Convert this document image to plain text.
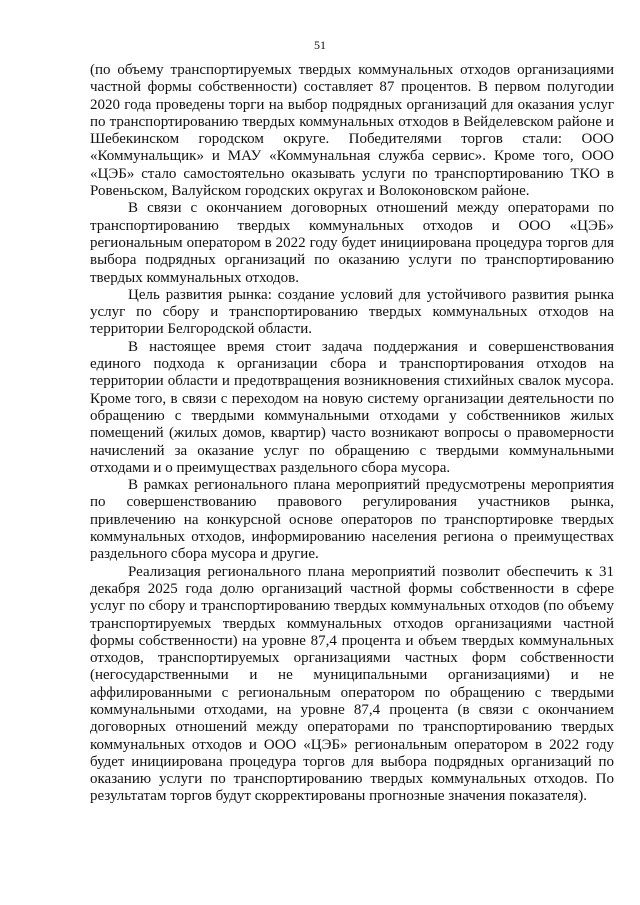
51

(по объему транспортируемых твердых коммунальных отходов организациями частной формы собственности) составляет 87 процентов. В первом полугодии 2020 года проведены торги на выбор подрядных организаций для оказания услуг по транспортированию твердых коммунальных отходов в Вейделевском районе и Шебекинском городском округе. Победителями торгов стали: ООО «Коммунальщик» и МАУ «Коммунальная служба сервис». Кроме того, ООО «ЦЭБ» стало самостоятельно оказывать услуги по транспортированию ТКО в Ровеньском, Валуйском городских округах и Волоконовском районе.

В связи с окончанием договорных отношений между операторами по транспортированию твердых коммунальных отходов и ООО «ЦЭБ» региональным оператором в 2022 году будет инициирована процедура торгов для выбора подрядных организаций по оказанию услуги по транспортированию твердых коммунальных отходов.

Цель развития рынка: создание условий для устойчивого развития рынка услуг по сбору и транспортированию твердых коммунальных отходов на территории Белгородской области.

В настоящее время стоит задача поддержания и совершенствования единого подхода к организации сбора и транспортирования отходов на территории области и предотвращения возникновения стихийных свалок мусора. Кроме того, в связи с переходом на новую систему организации деятельности по обращению с твердыми коммунальными отходами у собственников жилых помещений (жилых домов, квартир) часто возникают вопросы о правомерности начислений за оказание услуг по обращению с твердыми коммунальными отходами и о преимуществах раздельного сбора мусора.

В рамках регионального плана мероприятий предусмотрены мероприятия по совершенствованию правового регулирования участников рынка, привлечению на конкурсной основе операторов по транспортировке твердых коммунальных отходов, информированию населения региона о преимуществах раздельного сбора мусора и другие.

Реализация регионального плана мероприятий позволит обеспечить к 31 декабря 2025 года долю организаций частной формы собственности в сфере услуг по сбору и транспортированию твердых коммунальных отходов (по объему транспортируемых твердых коммунальных отходов организациями частной формы собственности) на уровне 87,4 процента и объем твердых коммунальных отходов, транспортируемых организациями частных форм собственности (негосударственными и не муниципальными организациями) и не аффилированными с региональным оператором по обращению с твердыми коммунальными отходами, на уровне 87,4 процента (в связи с окончанием договорных отношений между операторами по транспортированию твердых коммунальных отходов и ООО «ЦЭБ» региональным оператором в 2022 году будет инициирована процедура торгов для выбора подрядных организаций по оказанию услуги по транспортированию твердых коммунальных отходов. По результатам торгов будут скорректированы прогнозные значения показателя).
